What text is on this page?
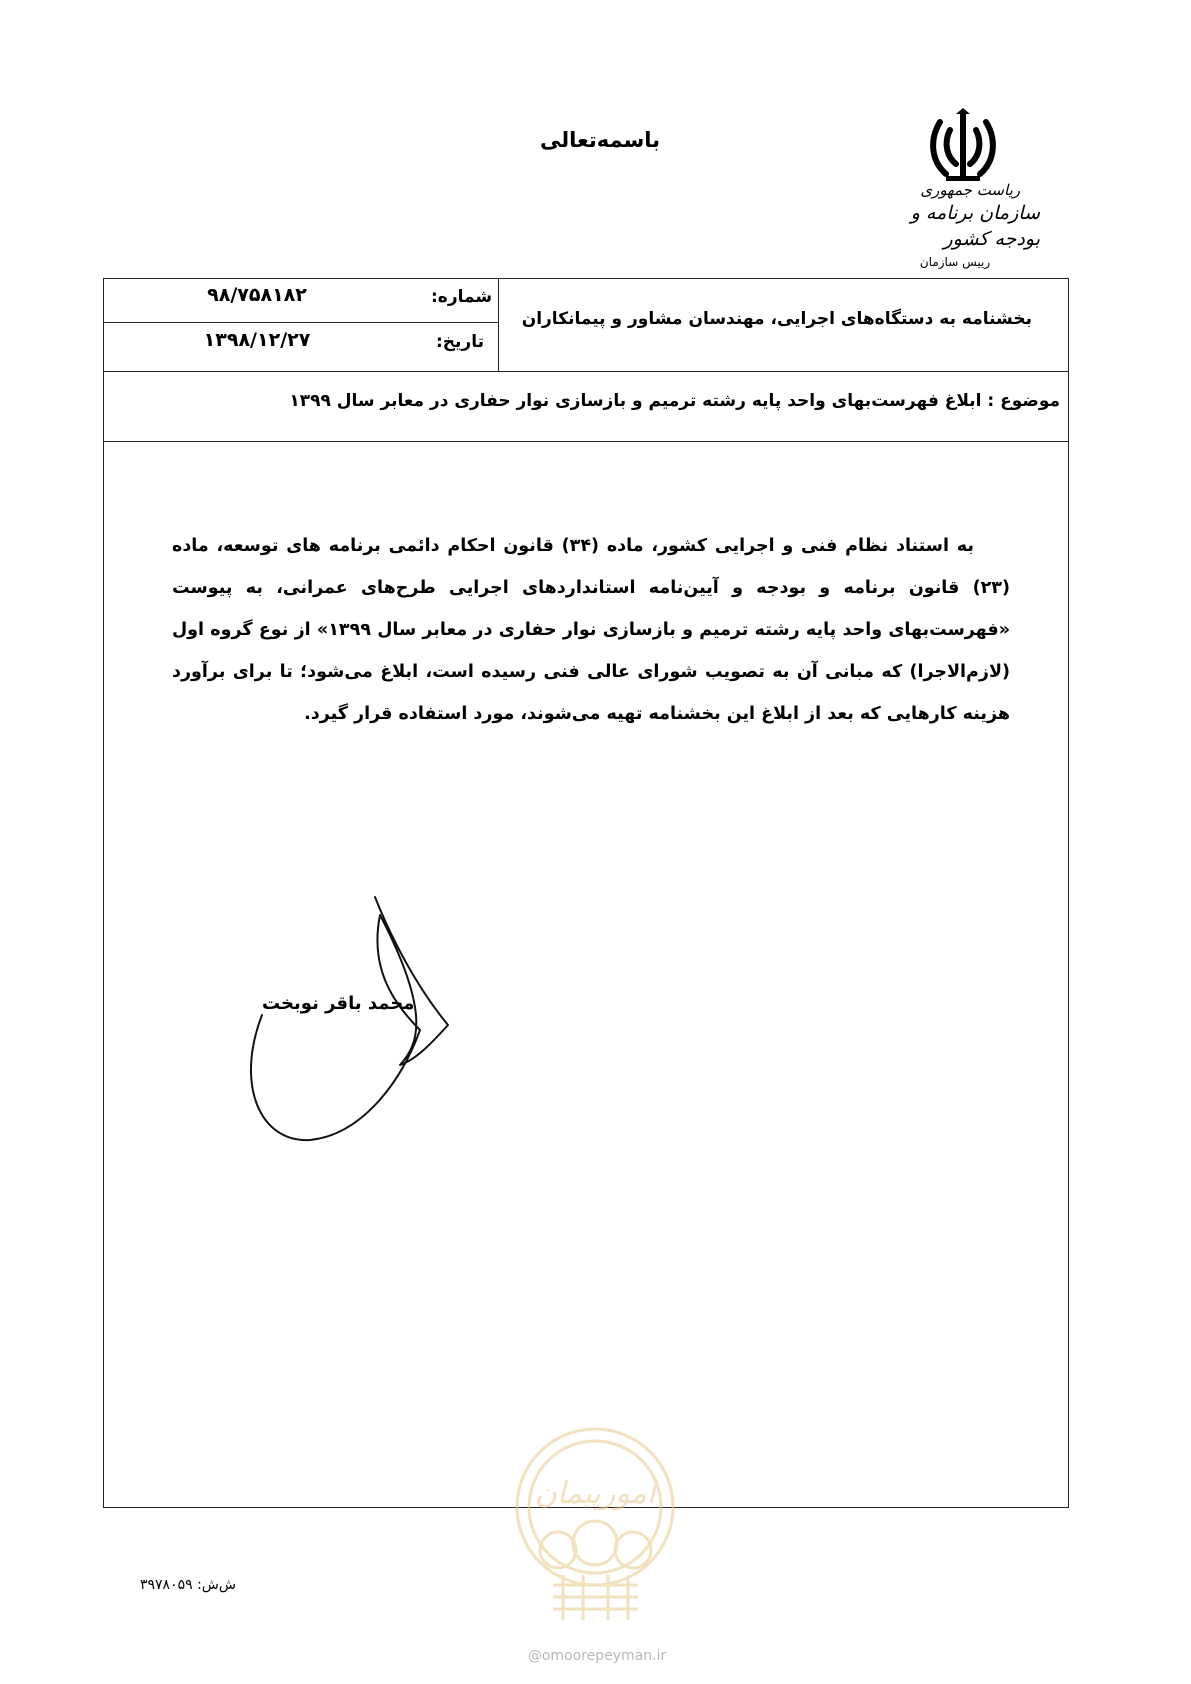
باسمه‌تعالی
ریاست جمهوری
سازمان برنامه و بودجه کشور
رییس سازمان
بخشنامه به دستگاه‌های اجرایی، مهندسان مشاور و پیمانکاران
شماره:
۹۸/۷۵۸۱۸۲
تاریخ:
۱۳۹۸/۱۲/۲۷
موضوع : ابلاغ فهرست‌بهای واحد پایه رشته ترمیم و بازسازی نوار حفاری در معابر سال ۱۳۹۹
به استناد نظام فنی و اجرایی کشور، ماده (۳۴) قانون احکام دائمی برنامه های توسعه، ماده
(۲۳) قانون برنامه و بودجه و آیین‌نامه استانداردهای اجرایی طرح‌های عمرانی، به پیوست
«فهرست‌بهای واحد پایه رشته ترمیم و بازسازی نوار حفاری در معابر سال ۱۳۹۹» از نوع گروه اول
(لازم‌الاجرا) که مبانی آن به تصویب شورای عالی فنی رسیده است، ابلاغ می‌شود؛ تا برای برآورد
هزینه کارهایی که بعد از ابلاغ این بخشنامه تهیه می‌شوند، مورد استفاده قرار گیرد.
محمد باقر نوبخت
ش‌ش: ۳۹۷۸۰۵۹
امورپیمان
@omoorepeyman.ir
